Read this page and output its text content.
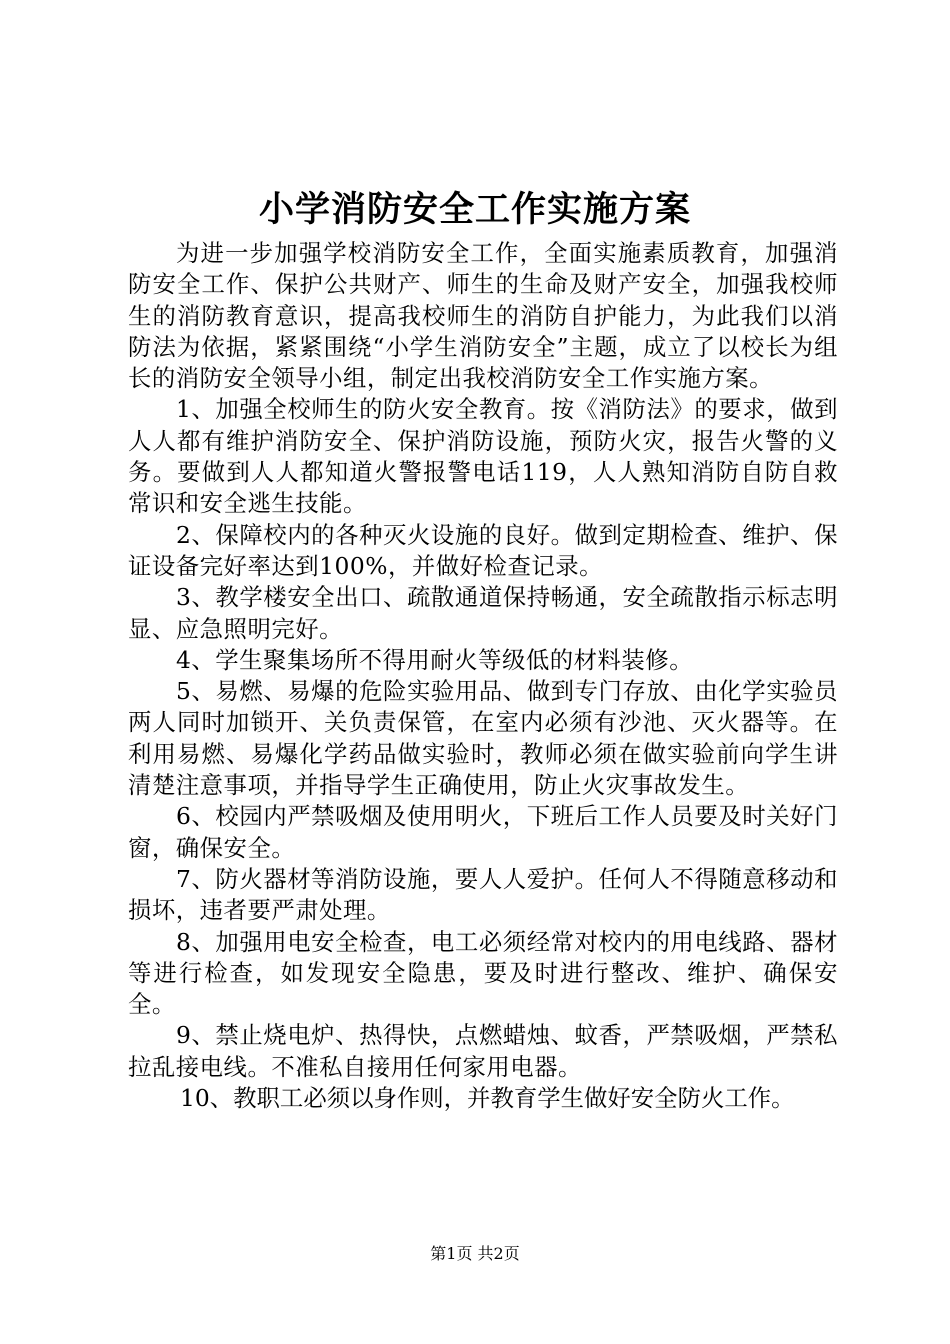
小学消防安全工作实施方案

为进一步加强学校消防安全工作，全面实施素质教育，加强消防安全工作、保护公共财产、师生的生命及财产安全，加强我校师生的消防教育意识，提高我校师生的消防自护能力，为此我们以消防法为依据，紧紧围绕“小学生消防安全”主题，成立了以校长为组长的消防安全领导小组，制定出我校消防安全工作实施方案。

1、加强全校师生的防火安全教育。按《消防法》的要求，做到人人都有维护消防安全、保护消防设施，预防火灾，报告火警的义务。要做到人人都知道火警报警电话119，人人熟知消防自防自救常识和安全逃生技能。

2、保障校内的各种灭火设施的良好。做到定期检查、维护、保证设备完好率达到100%，并做好检查记录。

3、教学楼安全出口、疏散通道保持畅通，安全疏散指示标志明显、应急照明完好。

4、学生聚集场所不得用耐火等级低的材料装修。

5、易燃、易爆的危险实验用品、做到专门存放、由化学实验员两人同时加锁开、关负责保管，在室内必须有沙池、灭火器等。在利用易燃、易爆化学药品做实验时，教师必须在做实验前向学生讲清楚注意事项，并指导学生正确使用，防止火灾事故发生。

6、校园内严禁吸烟及使用明火，下班后工作人员要及时关好门窗，确保安全。

7、防火器材等消防设施，要人人爱护。任何人不得随意移动和损坏，违者要严肃处理。

8、加强用电安全检查，电工必须经常对校内的用电线路、器材等进行检查，如发现安全隐患，要及时进行整改、维护、确保安全。

9、禁止烧电炉、热得快，点燃蜡烛、蚊香，严禁吸烟，严禁私拉乱接电线。不准私自接用任何家用电器。

10、教职工必须以身作则，并教育学生做好安全防火工作。

第1页 共2页
